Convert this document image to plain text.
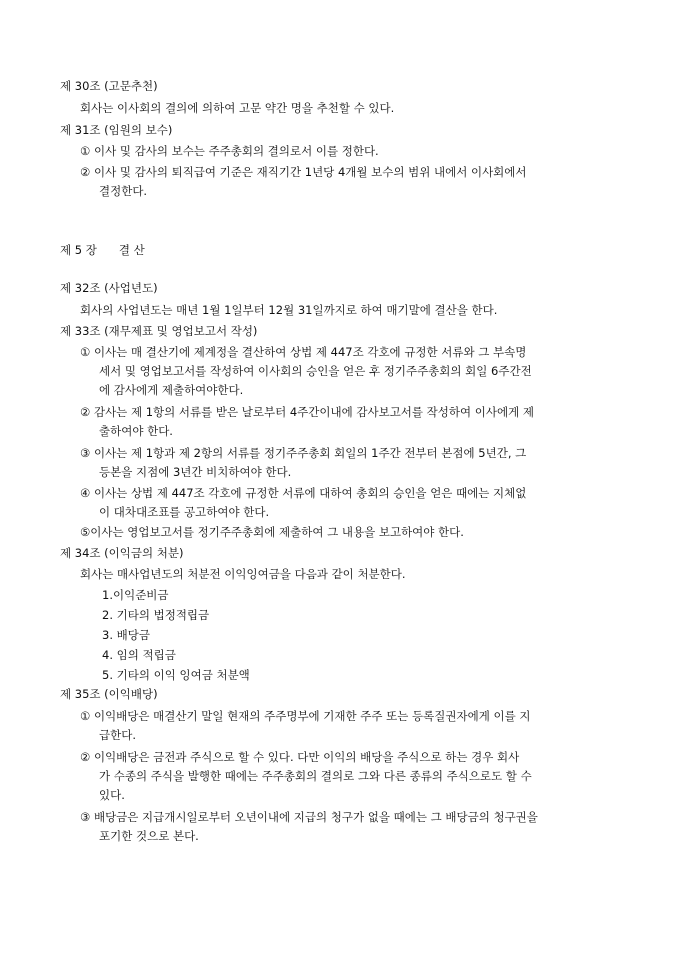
제 30조 (고문추천)
회사는 이사회의 결의에 의하여 고문 약간 명을 추천할 수 있다.
제 31조 (임원의 보수)
① 이사 및 감사의 보수는 주주총회의 결의로서 이를 정한다.
② 이사 및 감사의 퇴직급여 기준은 재직기간 1년당 4개월 보수의 범위 내에서 이사회에서
결정한다.
제 5 장 결 산
제 32조 (사업년도)
회사의 사업년도는 매년 1월 1일부터 12월 31일까지로 하여 매기말에 결산을 한다.
제 33조 (재무제표 및 영업보고서 작성)
① 이사는 매 결산기에 제계정을 결산하여 상법 제 447조 각호에 규정한 서류와 그 부속명
세서 및 영업보고서를 작성하여 이사회의 승인을 얻은 후 정기주주총회의 회일 6주간전
에 감사에게 제출하여야한다.
② 감사는 제 1항의 서류를 받은 날로부터 4주간이내에 감사보고서를 작성하여 이사에게 제
출하여야 한다.
③ 이사는 제 1항과 제 2항의 서류를 정기주주총회 회일의 1주간 전부터 본점에 5년간, 그
등본을 지점에 3년간 비치하여야 한다.
④ 이사는 상법 제 447조 각호에 규정한 서류에 대하여 총회의 승인을 얻은 때에는 지체없
이 대차대조표를 공고하여야 한다.
⑤이사는 영업보고서를 정기주주총회에 제출하여 그 내용을 보고하여야 한다.
제 34조 (이익금의 처분)
회사는 매사업년도의 처분전 이익잉여금을 다음과 같이 처분한다.
1.이익준비금
2. 기타의 법정적립금
3. 배당금
4. 임의 적립금
5. 기타의 이익 잉여금 처분액
제 35조 (이익배당)
① 이익배당은 매결산기 말일 현재의 주주명부에 기재한 주주 또는 등록질권자에게 이를 지
급한다.
② 이익배당은 금전과 주식으로 할 수 있다. 다만 이익의 배당을 주식으로 하는 경우 회사
가 수종의 주식을 발행한 때에는 주주총회의 결의로 그와 다른 종류의 주식으로도 할 수
있다.
③ 배당금은 지급개시일로부터 오년이내에 지급의 청구가 없을 때에는 그 배당금의 청구권을
포기한 것으로 본다.
